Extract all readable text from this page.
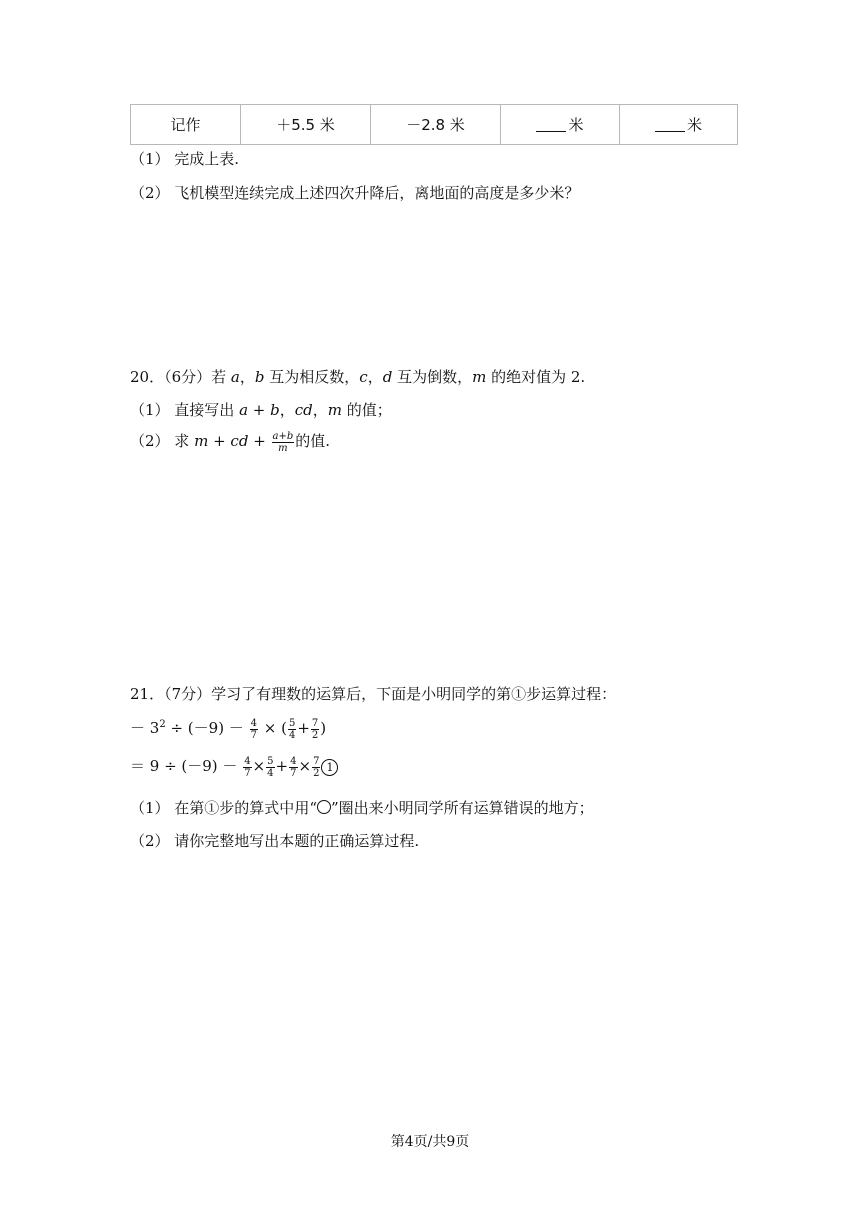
记作	＋5.5 米	－2.8 米	米	米
（1） 完成上表.
（2） 飞机模型连续完成上述四次升降后，离地面的高度是多少米？
20．（6分）若 a，b 互为相反数，c，d 互为倒数，m 的绝对值为 2.
（1） 直接写出 a + b，cd，m 的值；
（2） 求 m + cd + $\frac{a+b}{m}$ 的值.
21．（7分）学习了有理数的运算后，下面是小明同学的第①步运算过程：
－ $3^2 \div (-9) - \frac{4}{7}$ × ( $\frac{5}{4} + \frac{7}{2}$ )
＝ $9 \div (-9) - \frac{4}{7} \times \frac{5}{4} + \frac{4}{7} \times \frac{7}{2} 1$
（1） 在第①步的算式中用“ ”圈出来小明同学所有运算错误的地方；
（2） 请你完整地写出本题的正确运算过程.
第4页/共9页
